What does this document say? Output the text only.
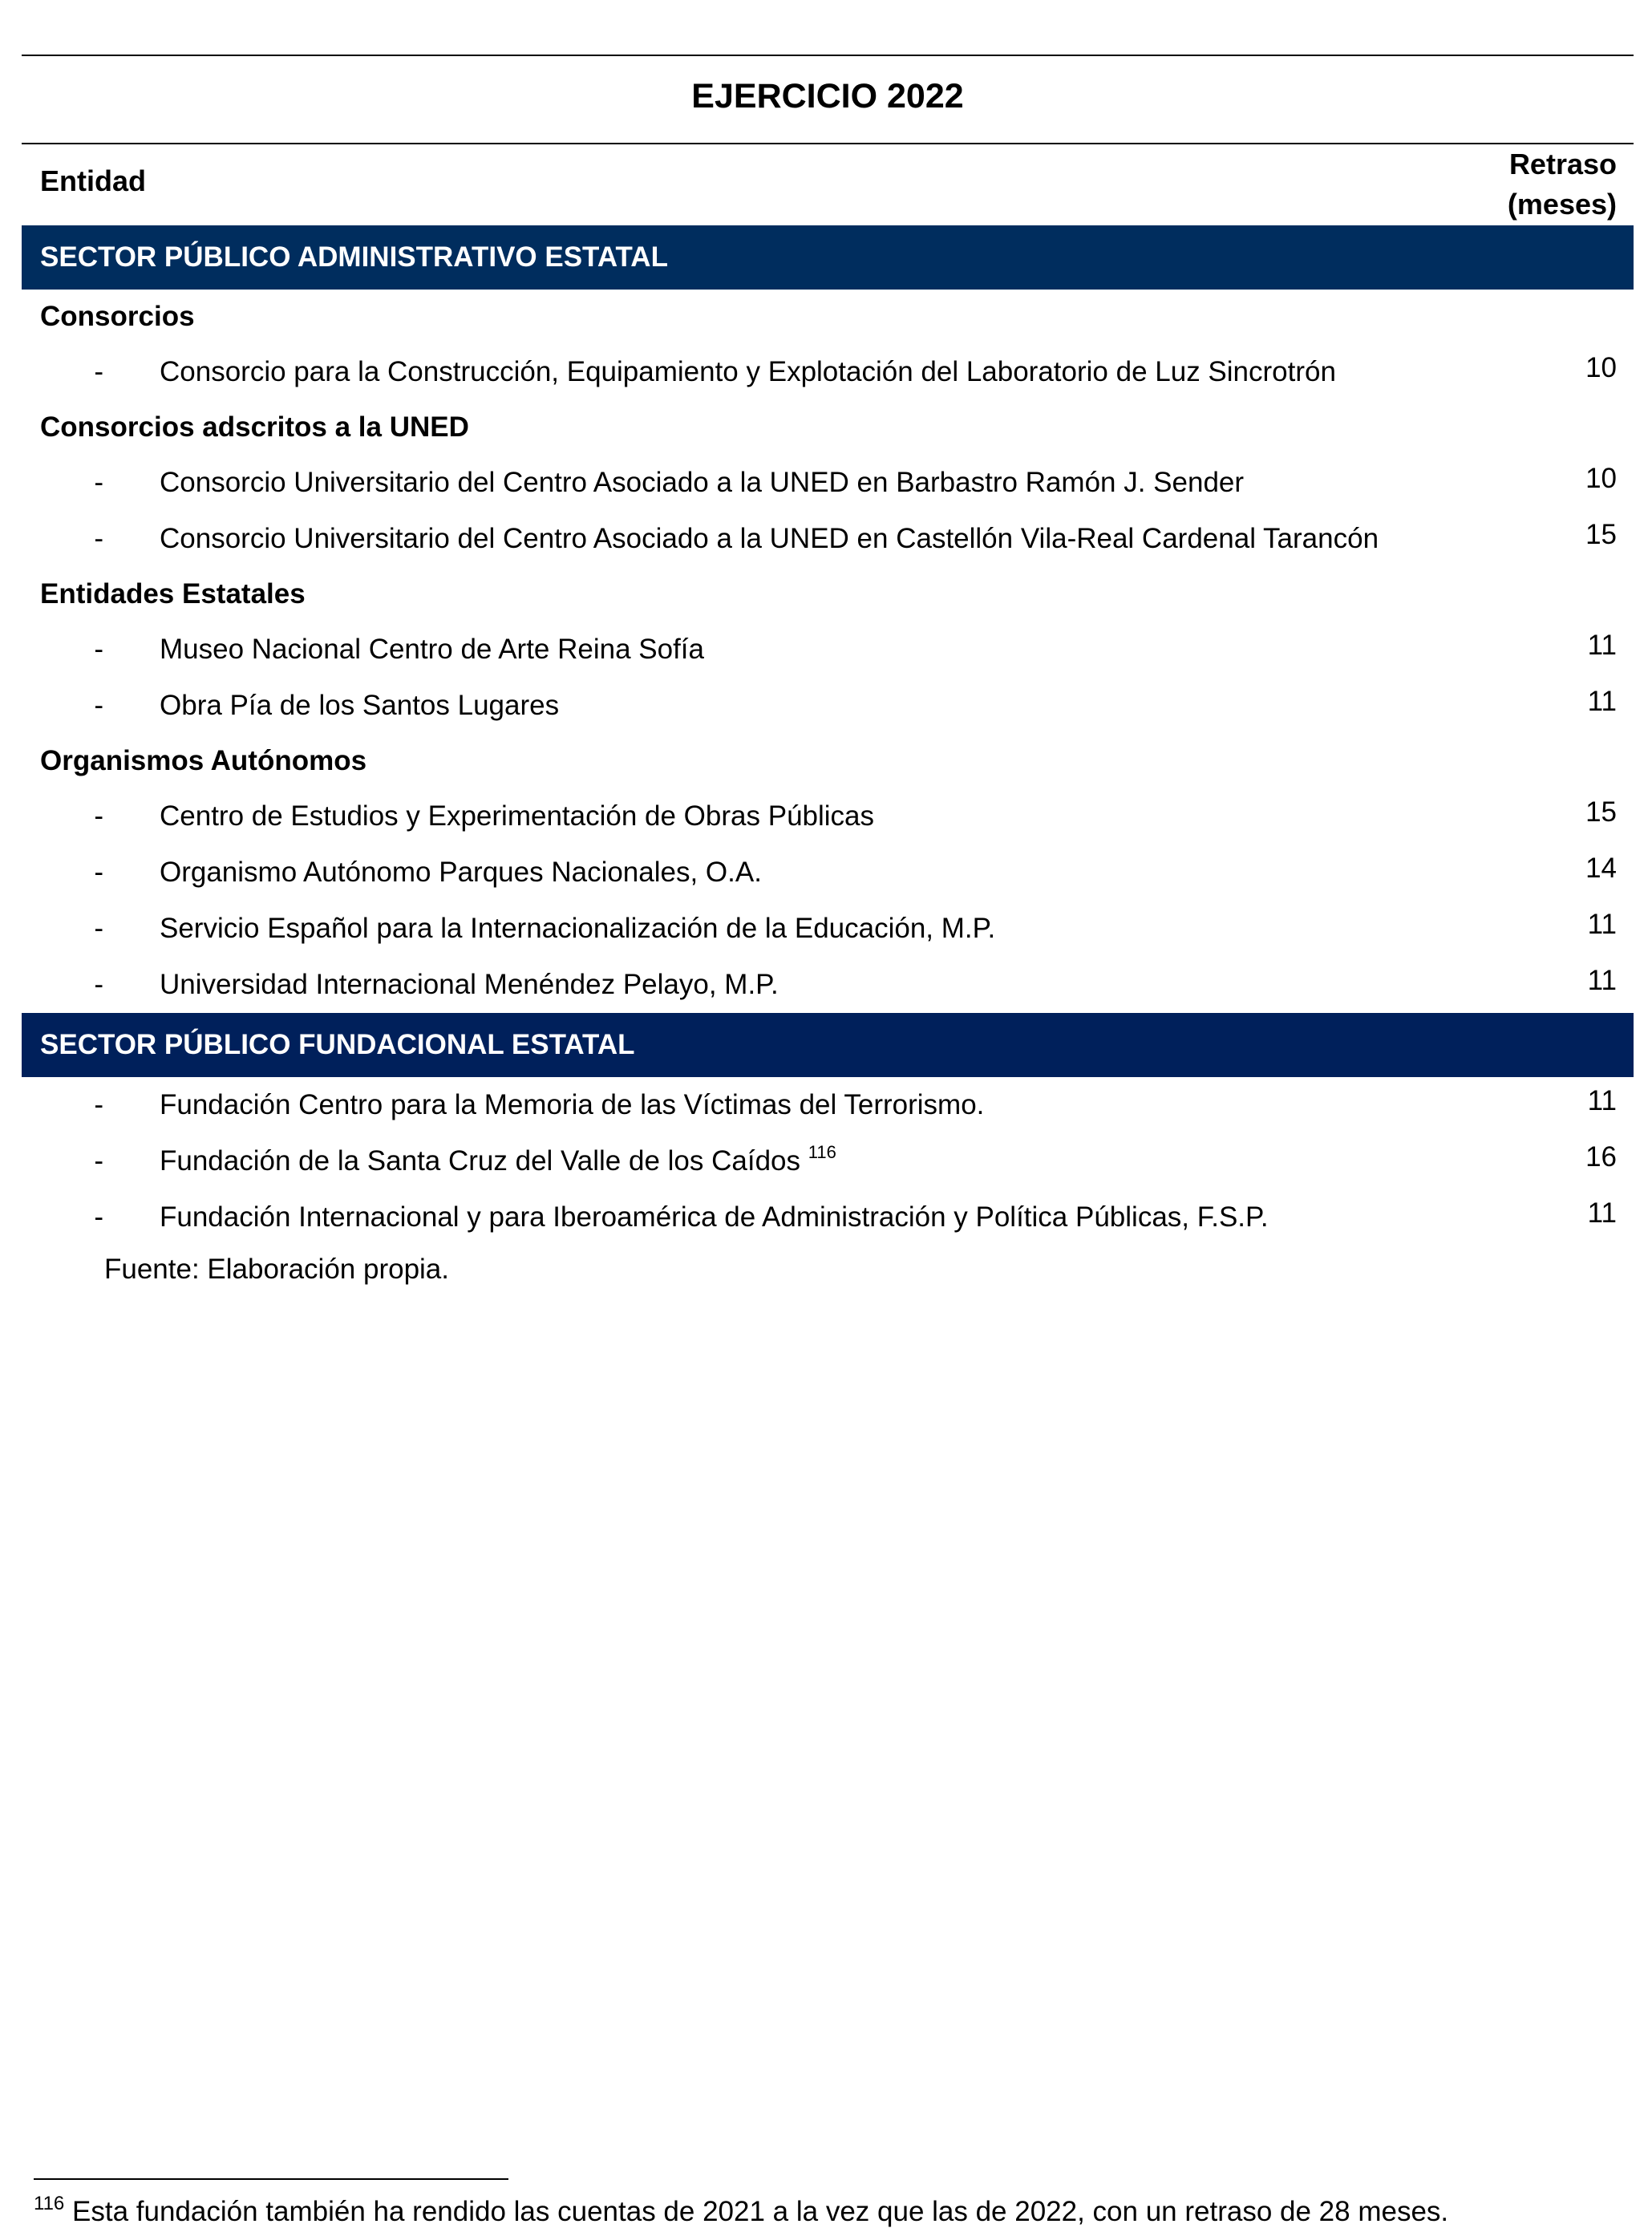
EJERCICIO 2022
Entidad
Retraso
(meses)
SECTOR PÚBLICO ADMINISTRATIVO ESTATAL
Consorcios
-	Consorcio para la Construcción, Equipamiento y Explotación del Laboratorio de Luz Sincrotrón	10
Consorcios adscritos a la UNED
-	Consorcio Universitario del Centro Asociado a la UNED en Barbastro Ramón J. Sender	10
-	Consorcio Universitario del Centro Asociado a la UNED en Castellón Vila-Real Cardenal Tarancón	15
Entidades Estatales
-	Museo Nacional Centro de Arte Reina Sofía	11
-	Obra Pía de los Santos Lugares	11
Organismos Autónomos
-	Centro de Estudios y Experimentación de Obras Públicas	15
-	Organismo Autónomo Parques Nacionales, O.A.	14
-	Servicio Español para la Internacionalización de la Educación, M.P.	11
-	Universidad Internacional Menéndez Pelayo, M.P.	11
SECTOR PÚBLICO FUNDACIONAL ESTATAL
-	Fundación Centro para la Memoria de las Víctimas del Terrorismo.	11
-	Fundación de la Santa Cruz del Valle de los Caídos $^{116}$	16
-	Fundación Internacional y para Iberoamérica de Administración y Política Públicas, F.S.P.	11
Fuente: Elaboración propia.
$^{116}$ Esta fundación también ha rendido las cuentas de 2021 a la vez que las de 2022, con un retraso de 28 meses.
